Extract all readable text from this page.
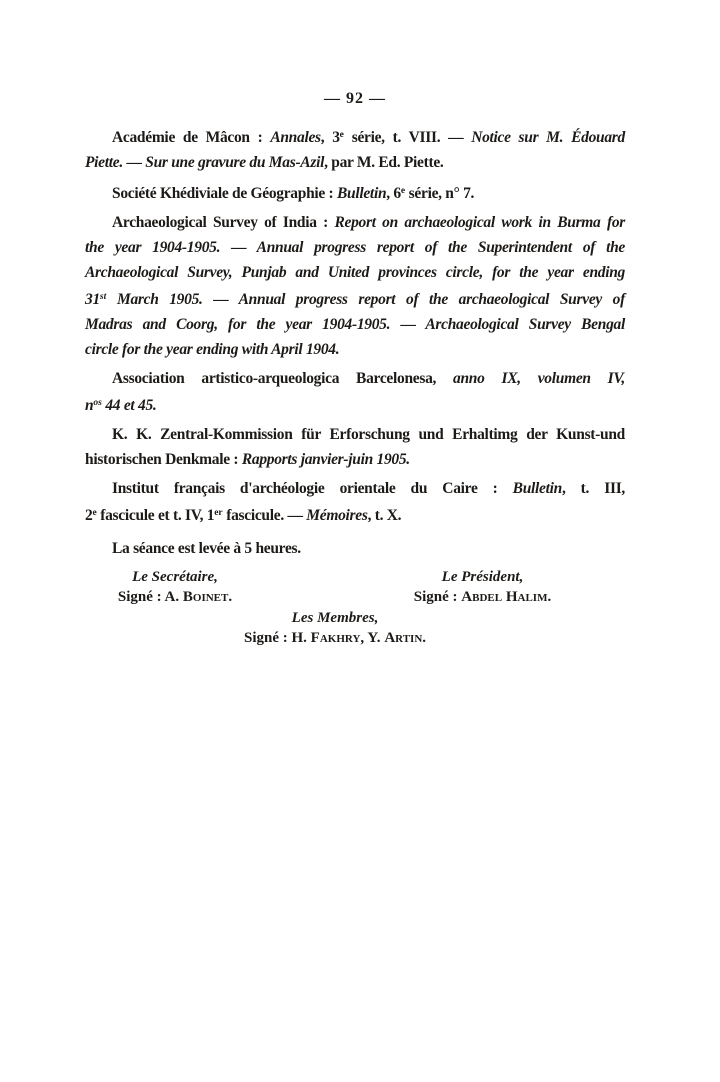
— 92 —
Académie de Mâcon : Annales, 3e série, t. VIII. — Notice sur M. Édouard
Piette. — Sur une gravure du Mas-Azil, par M. Ed. Piette.
Société Khédiviale de Géographie : Bulletin, 6e série, n° 7.
Archaeological Survey of India : Report on archaeological work in Burma for
the year 1904-1905. — Annual progress report of the Superintendent of the
Archaeological Survey, Punjab and United provinces circle, for the year ending
31st March 1905. — Annual progress report of the archaeological Survey of
Madras and Coorg, for the year 1904-1905. — Archaeological Survey Bengal
circle for the year ending with April 1904.
Association artistico-arqueologica Barcelonesa, anno IX, volumen IV,
$n^{os}$ 44 et 45.
K. K. Zentral-Kommission für Erforschung und Erhaltimg der Kunst-und
historischen Denkmale : Rapports janvier-juin 1905.
Institut français d'archéologie orientale du Caire : Bulletin, t. III,
2e fascicule et t. IV, 1er fascicule. — Mémoires, t. X.
La séance est levée à 5 heures.
Le Secrétaire,
Signé : A. Boinet.
Le Président,
Signé : Abdel Halim.
Les Membres,
Signé : H. Fakhry, Y. Artin.
